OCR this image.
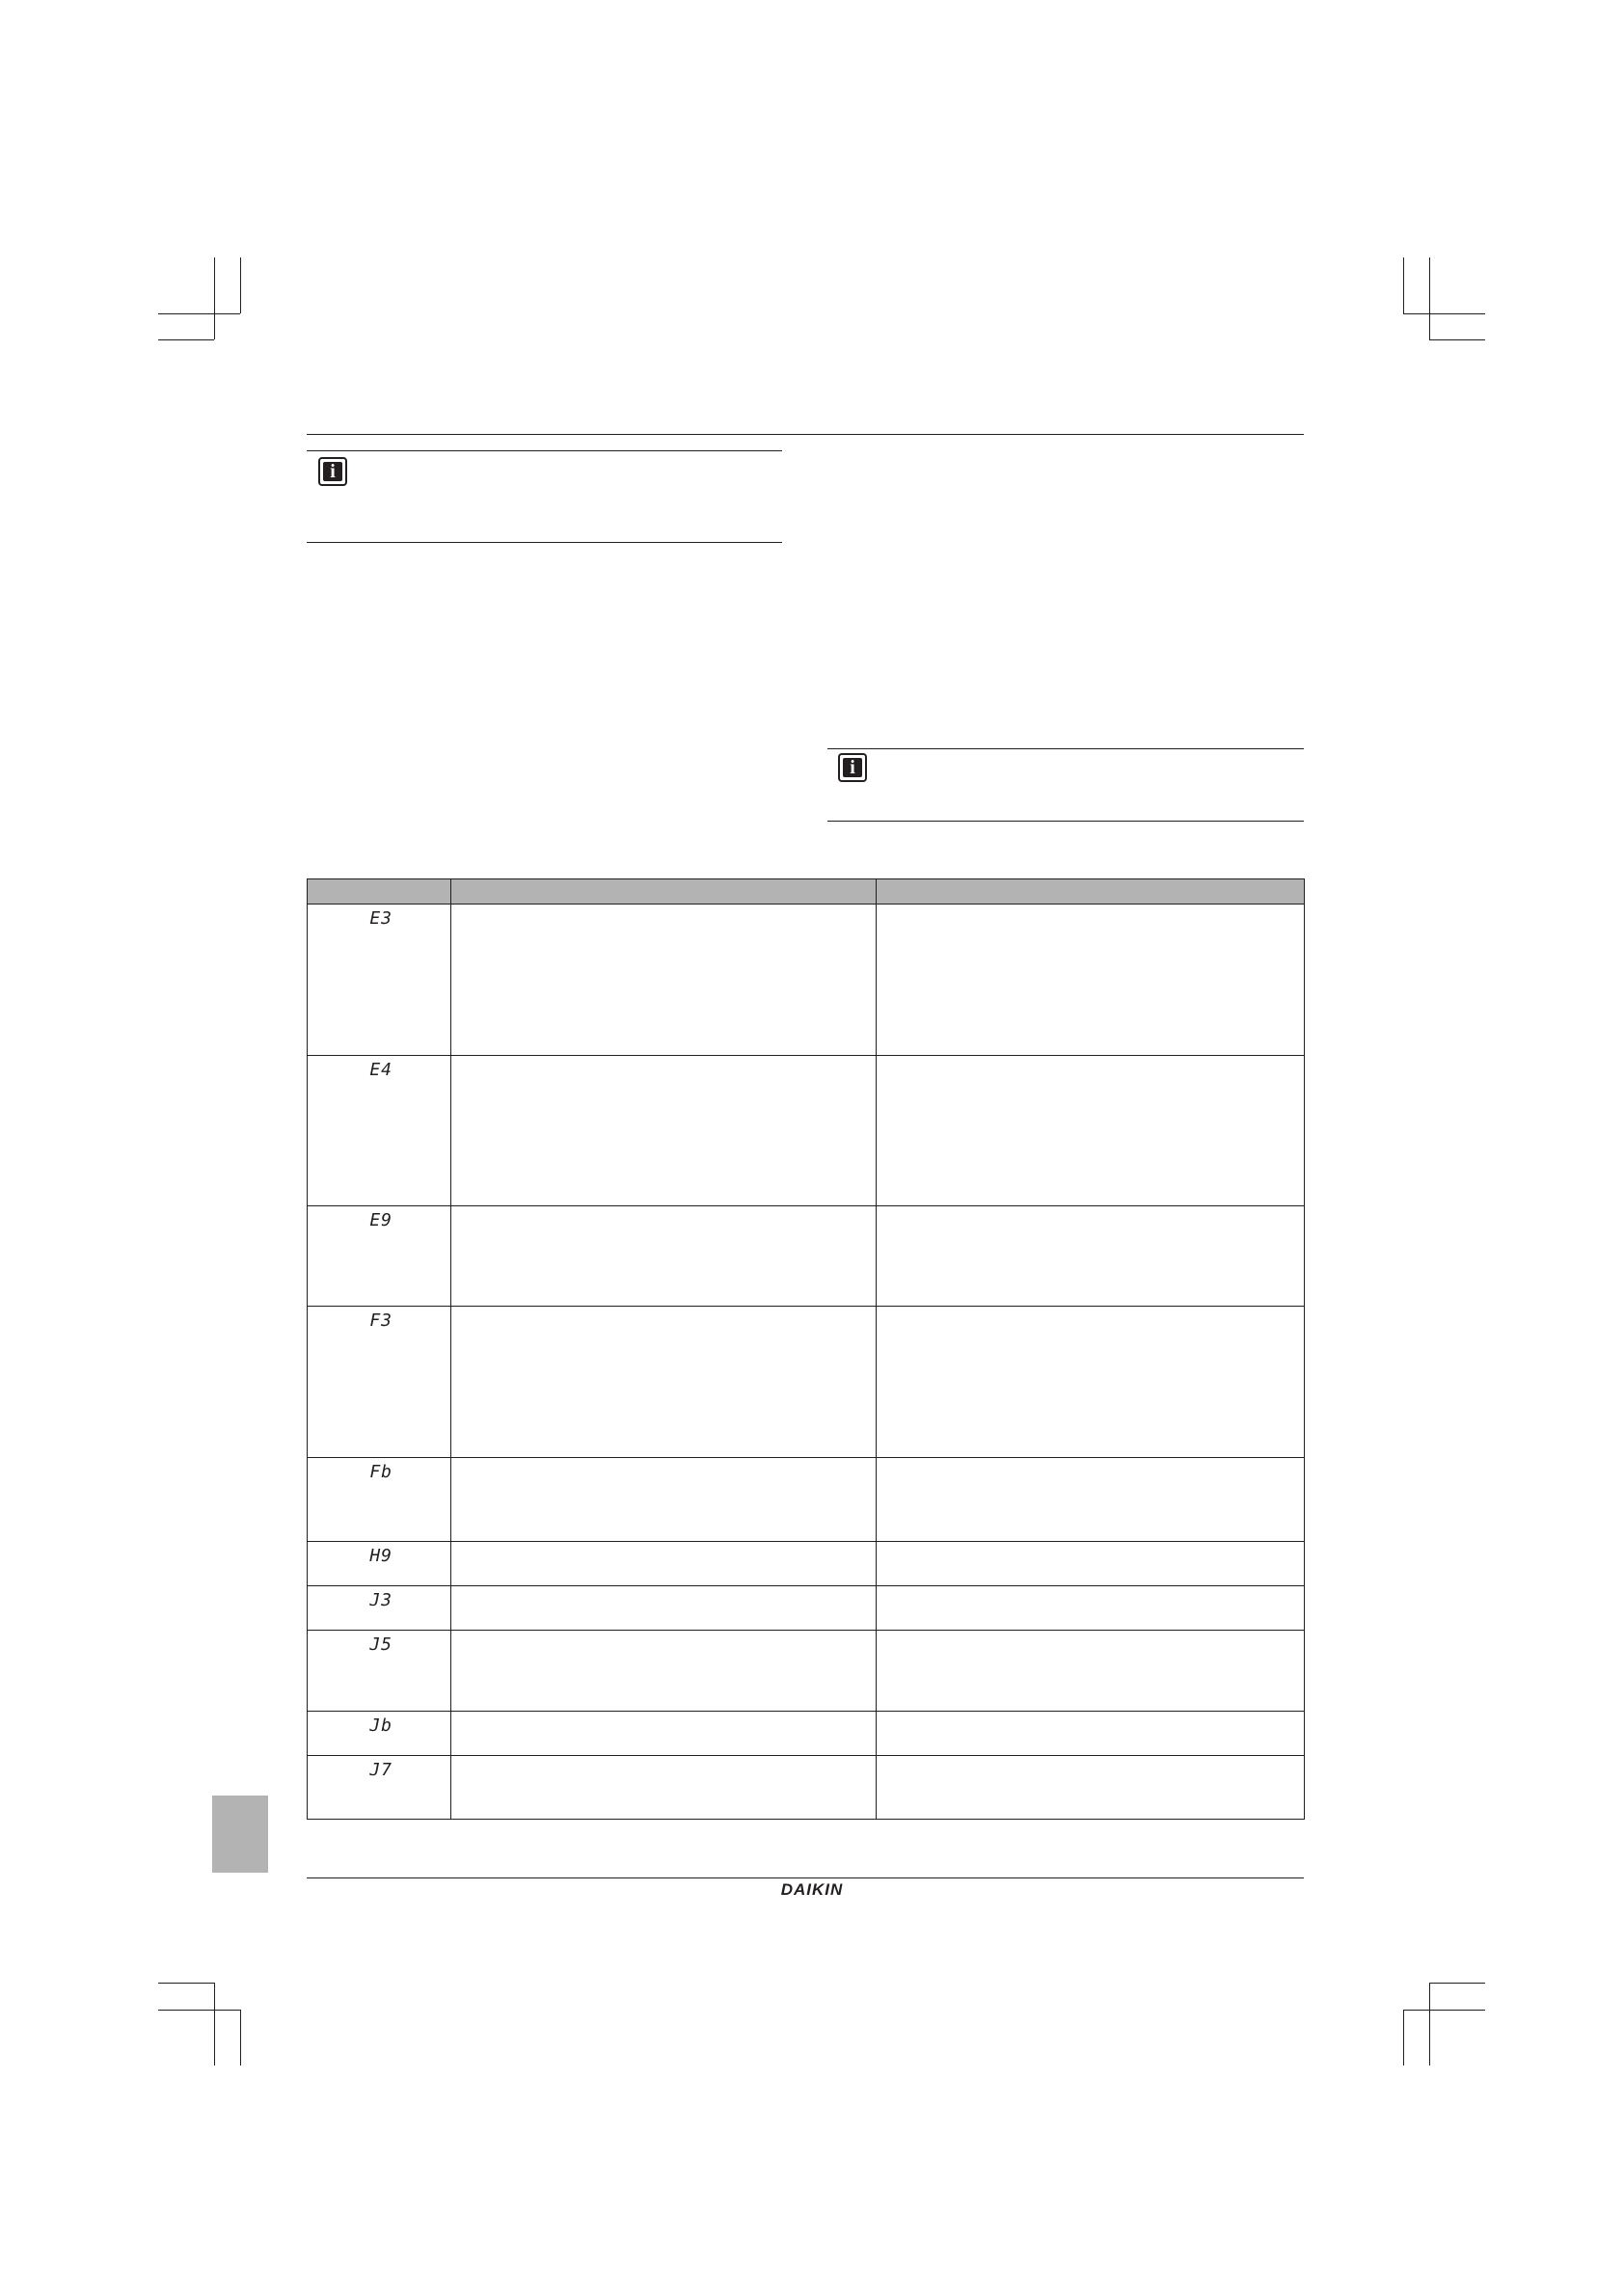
i
i

E3		
E4		
E9		
F3		
Fb		
H9		
J3		
J5		
Jb		
J7		
DAIKIN
